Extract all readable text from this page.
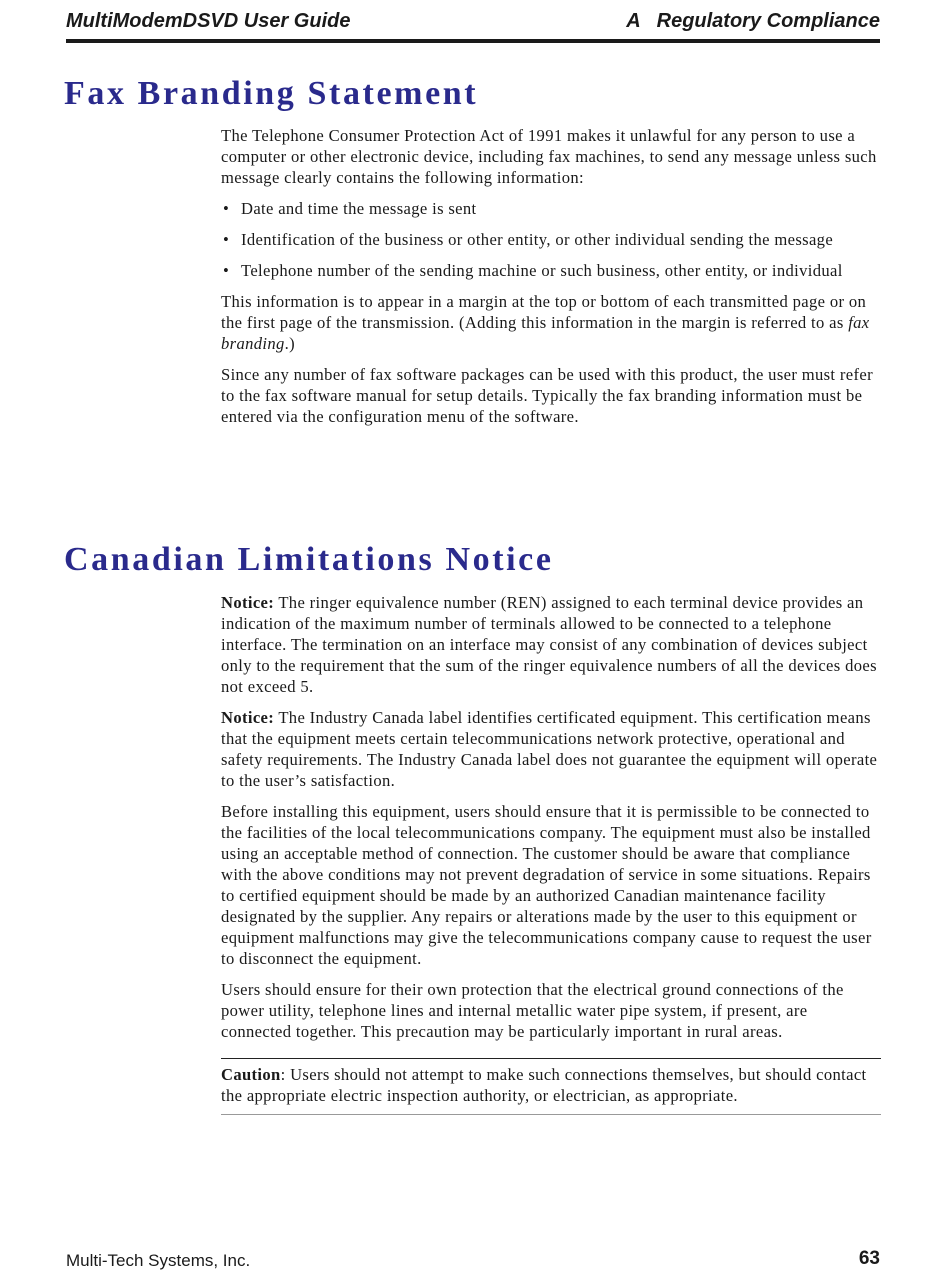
MultiModemDSVD User Guide	A   Regulatory Compliance
Fax Branding Statement

The Telephone Consumer Protection Act of 1991 makes it unlawful for any person to use a computer or other electronic device, including fax machines, to send any message unless such message clearly contains the following information:

• Date and time the message is sent
• Identification of the business or other entity, or other individual sending the message
• Telephone number of the sending machine or such business, other entity, or individual

This information is to appear in a margin at the top or bottom of each transmitted page or on the first page of the transmission. (Adding this information in the margin is referred to as fax branding.)

Since any number of fax software packages can be used with this product, the user must refer to the fax software manual for setup details. Typically the fax branding information must be entered via the configuration menu of the software.

Canadian Limitations Notice

Notice: The ringer equivalence number (REN) assigned to each terminal device provides an indication of the maximum number of terminals allowed to be connected to a telephone interface. The termination on an interface may consist of any combination of devices subject only to the requirement that the sum of the ringer equivalence numbers of all the devices does not exceed 5.

Notice: The Industry Canada label identifies certificated equipment. This certification means that the equipment meets certain telecommunications network protective, operational and safety requirements. The Industry Canada label does not guarantee the equipment will operate to the user’s satisfaction.

Before installing this equipment, users should ensure that it is permissible to be connected to the facilities of the local telecommunications company. The equipment must also be installed using an acceptable method of connection. The customer should be aware that compliance with the above conditions may not prevent degradation of service in some situations. Repairs to certified equipment should be made by an authorized Canadian maintenance facility designated by the supplier. Any repairs or alterations made by the user to this equipment or equipment malfunctions may give the telecommunications company cause to request the user to disconnect the equipment.

Users should ensure for their own protection that the electrical ground connections of the power utility, telephone lines and internal metallic water pipe system, if present, are connected together. This precaution may be particularly important in rural areas.

Caution: Users should not attempt to make such connections themselves, but should contact the appropriate electric inspection authority, or electrician, as appropriate.
Multi-Tech Systems, Inc.	63
